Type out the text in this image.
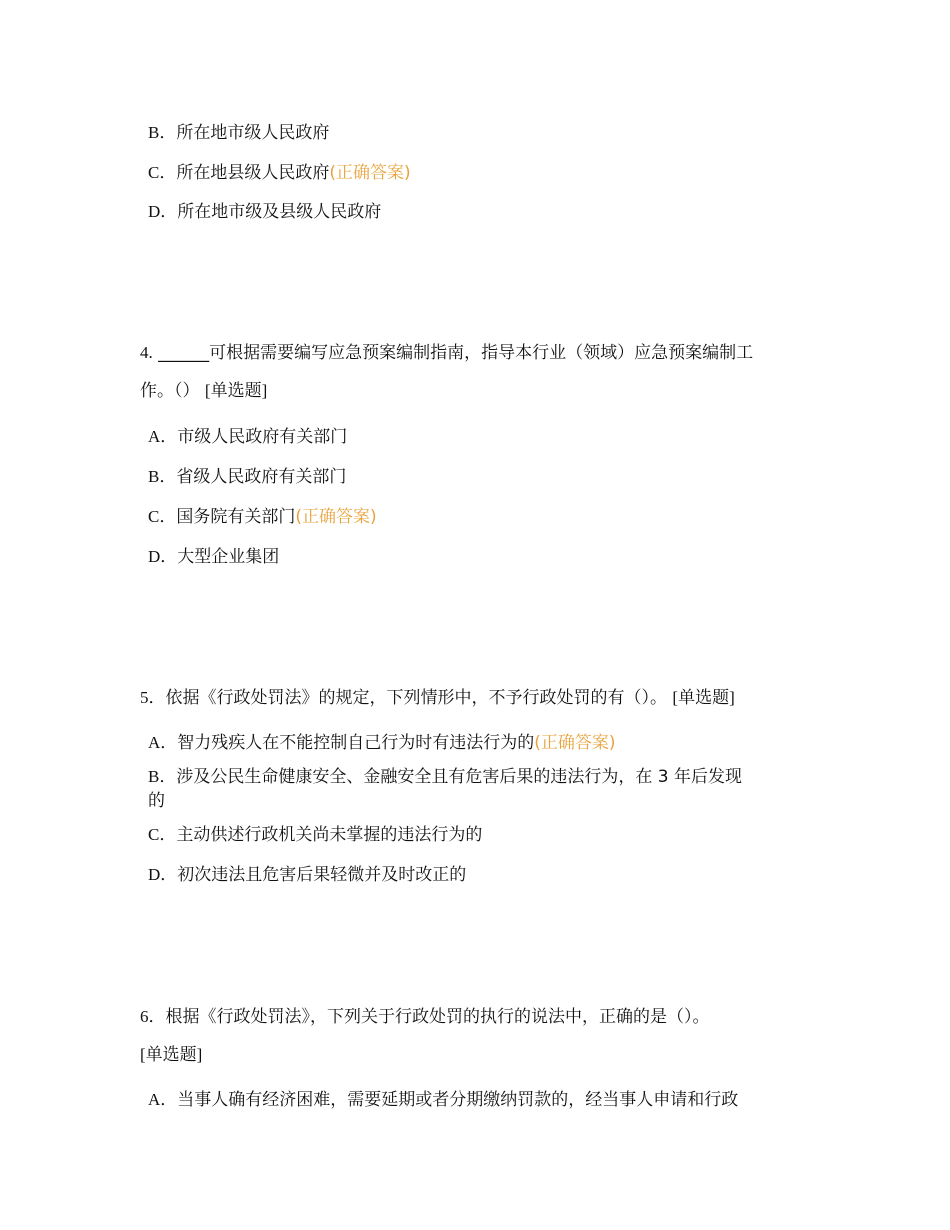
B．所在地市级人民政府
C．所在地县级人民政府(正确答案)
D．所在地市级及县级人民政府
4. ______可根据需要编写应急预案编制指南，指导本行业（领域）应急预案编制工
作。（） [单选题]
A．市级人民政府有关部门
B．省级人民政府有关部门
C．国务院有关部门(正确答案)
D．大型企业集团
5．依据《行政处罚法》的规定，下列情形中，不予行政处罚的有（）。 [单选题]
A．智力残疾人在不能控制自己行为时有违法行为的(正确答案)
B．涉及公民生命健康安全、金融安全且有危害后果的违法行为，在 3 年后发现
的
C．主动供述行政机关尚未掌握的违法行为的
D．初次违法且危害后果轻微并及时改正的
6．根据《行政处罚法》，下列关于行政处罚的执行的说法中，正确的是（）。
[单选题]
A．当事人确有经济困难，需要延期或者分期缴纳罚款的，经当事人申请和行政
